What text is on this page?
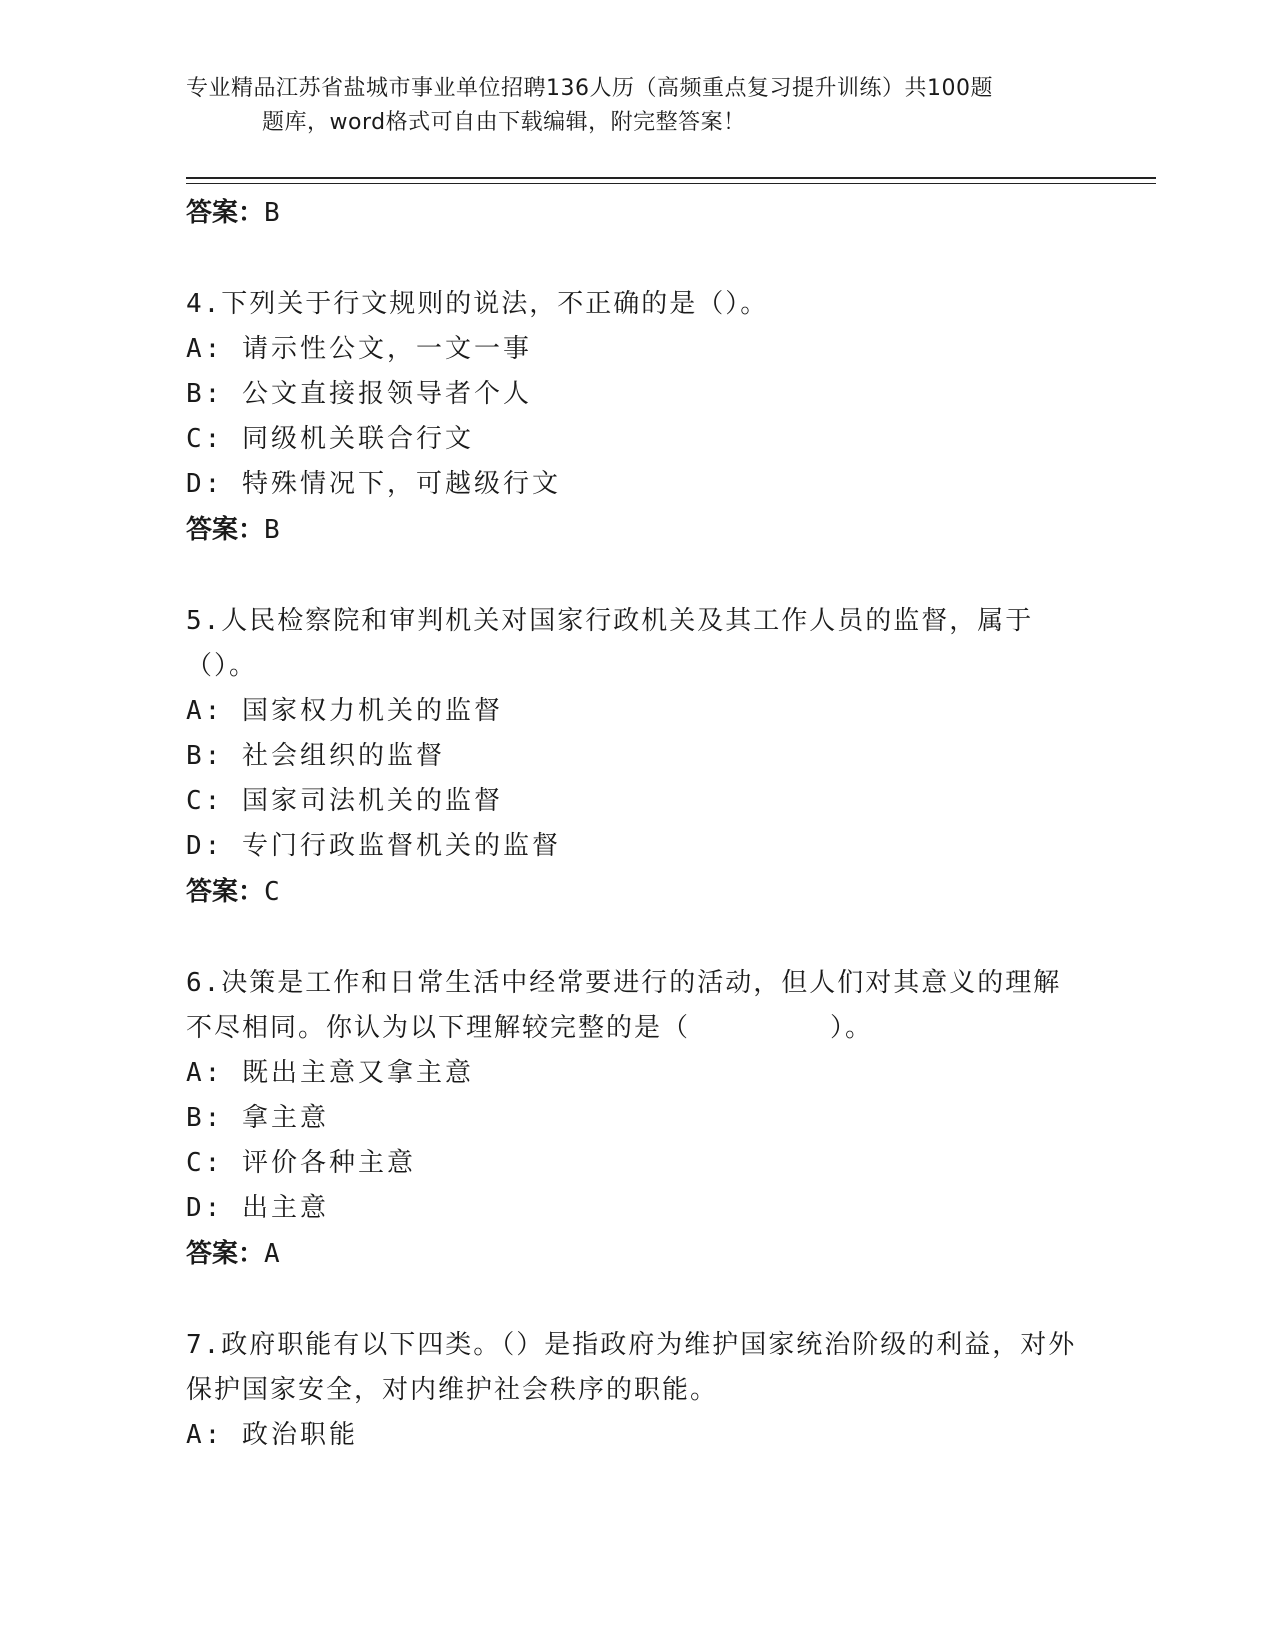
专业精品江苏省盐城市事业单位招聘136人历（高频重点复习提升训练）共100题
题库，word格式可自由下载编辑，附完整答案！
答案：B
4.下列关于行文规则的说法，不正确的是（）。
A: 请示性公文，一文一事
B: 公文直接报领导者个人
C: 同级机关联合行文
D: 特殊情况下，可越级行文
答案：B
5.人民检察院和审判机关对国家行政机关及其工作人员的监督，属于（）。
A: 国家权力机关的监督
B: 社会组织的监督
C: 国家司法机关的监督
D: 专门行政监督机关的监督
答案：C
6.决策是工作和日常生活中经常要进行的活动，但人们对其意义的理解不尽相同。你认为以下理解较完整的是（　　　　　）。
A: 既出主意又拿主意
B: 拿主意
C: 评价各种主意
D: 出主意
答案：A
7.政府职能有以下四类。（）是指政府为维护国家统治阶级的利益，对外保护国家安全，对内维护社会秩序的职能。
A: 政治职能
